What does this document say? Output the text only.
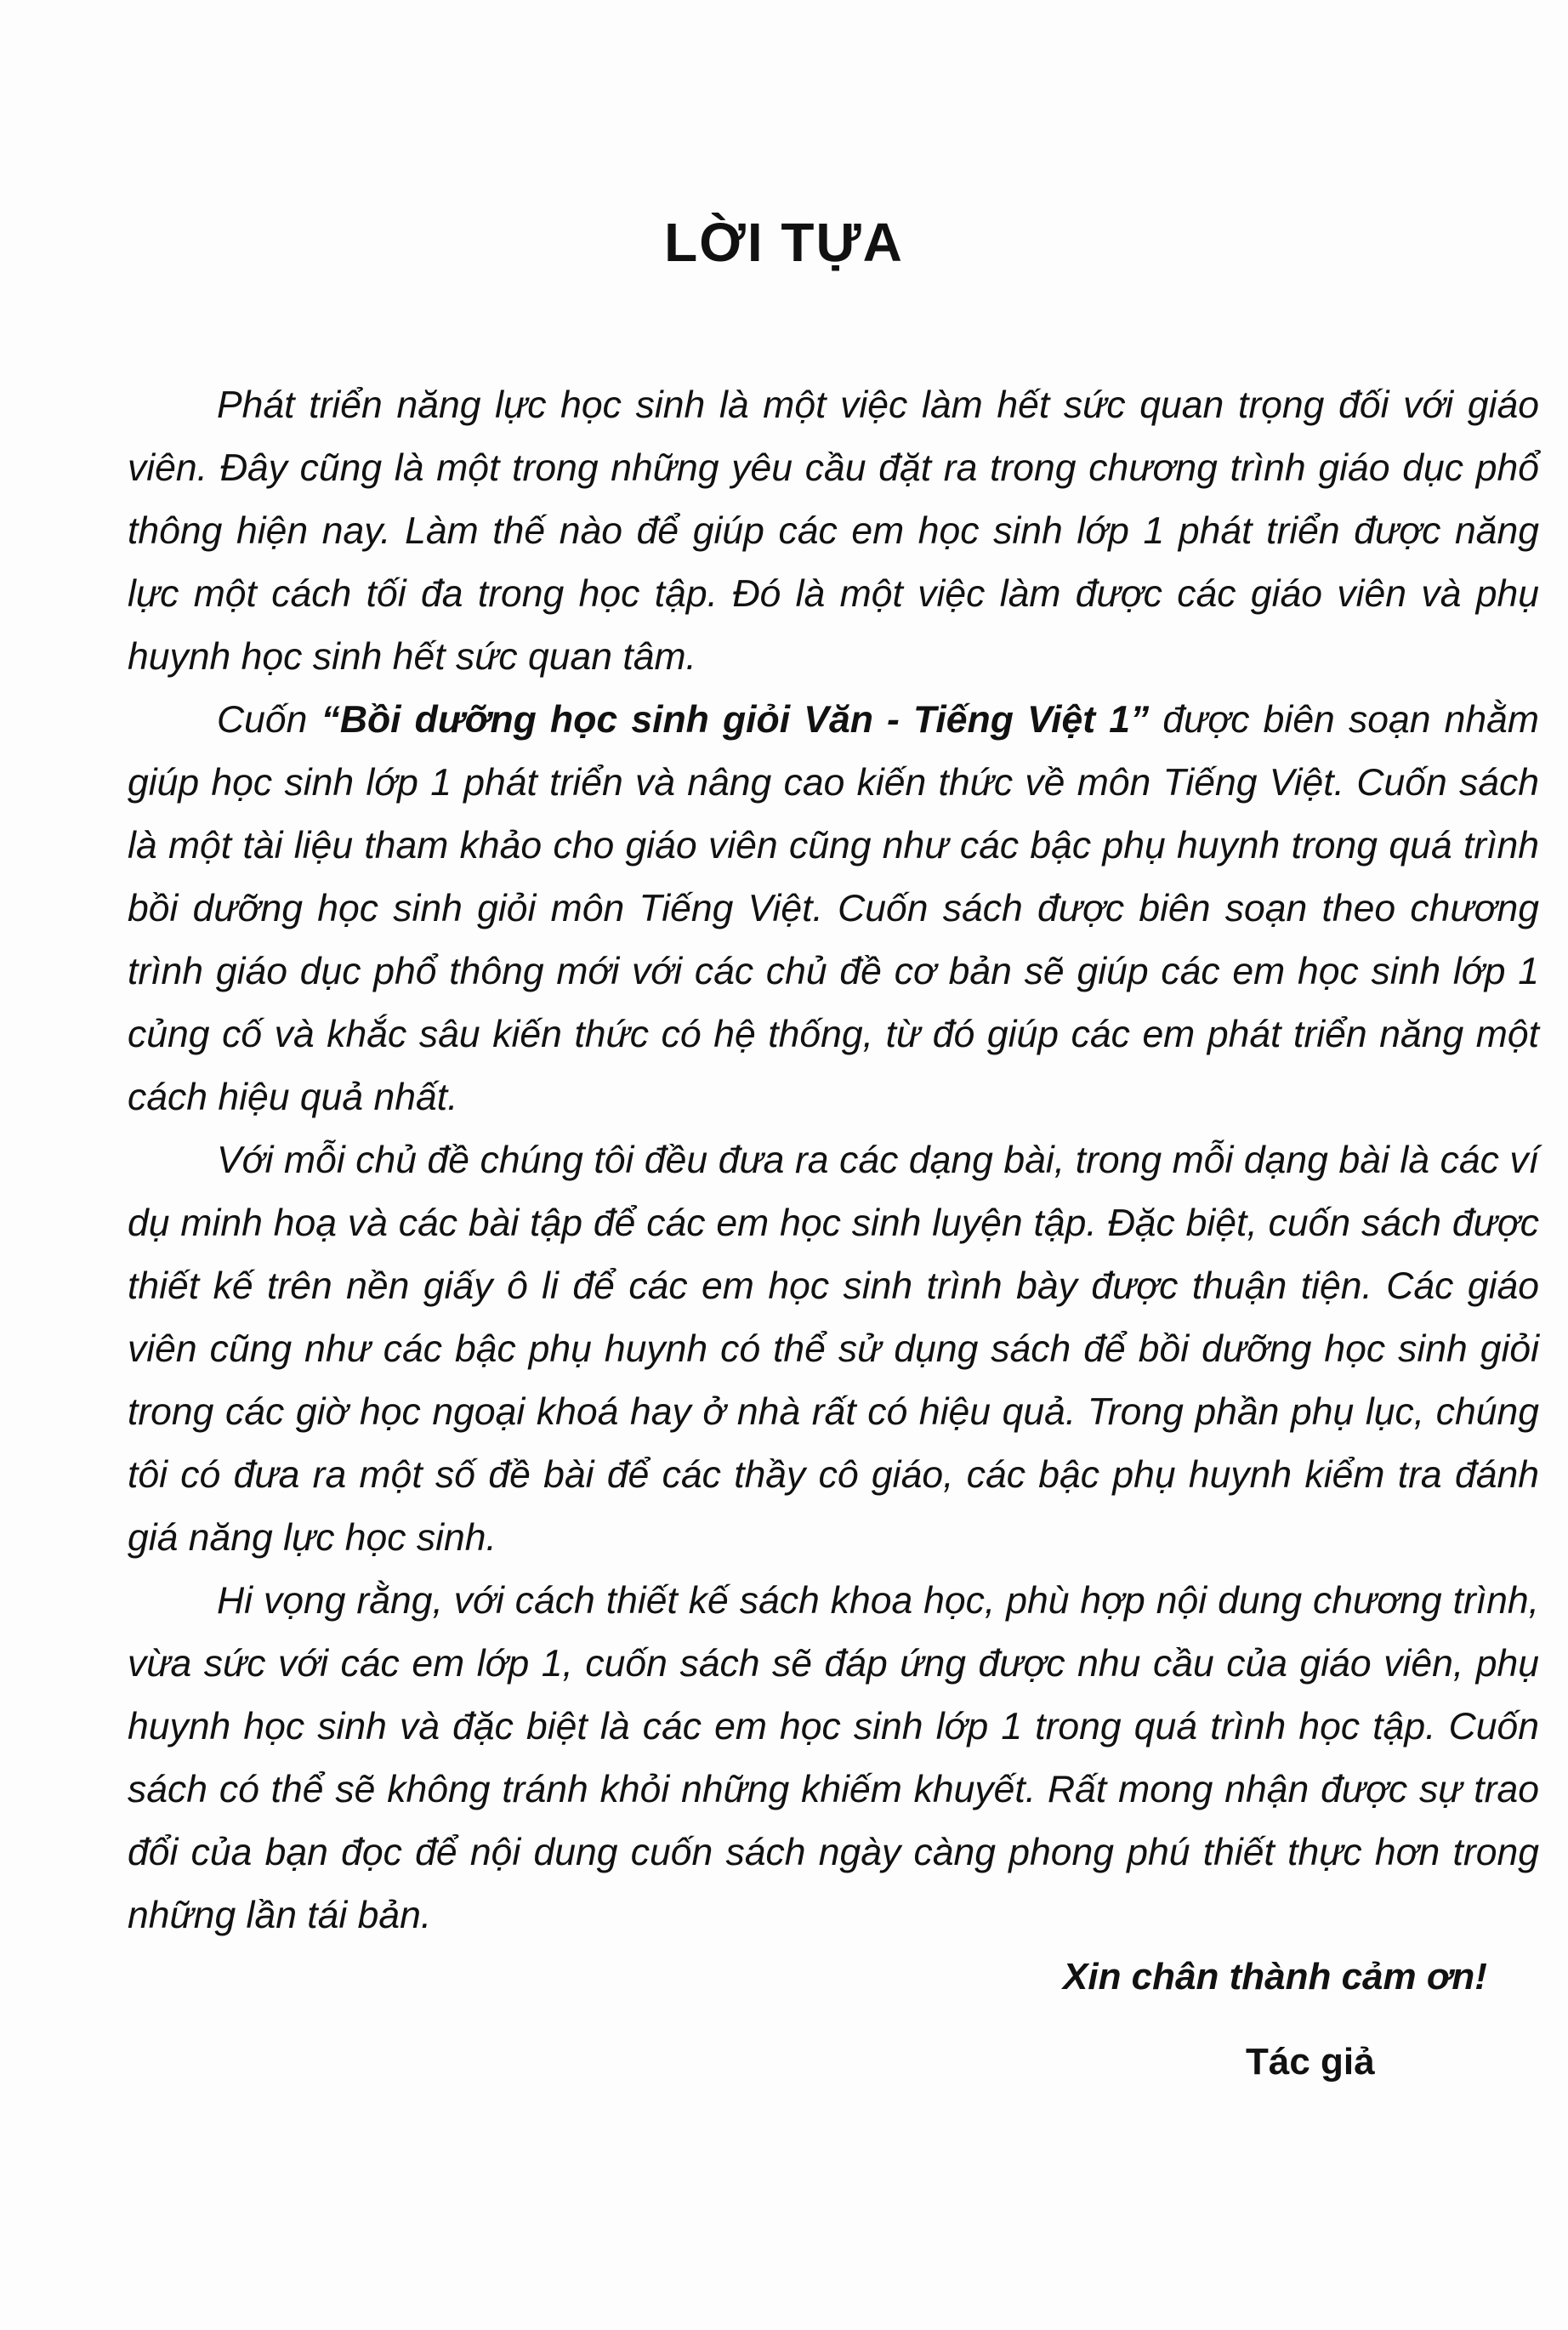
LỜI TỰA

Phát triển năng lực học sinh là một việc làm hết sức quan trọng đối với giáo viên. Đây cũng là một trong những yêu cầu đặt ra trong chương trình giáo dục phổ thông hiện nay. Làm thế nào để giúp các em học sinh lớp 1 phát triển được năng lực một cách tối đa trong học tập. Đó là một việc làm được các giáo viên và phụ huynh học sinh hết sức quan tâm.

Cuốn “Bồi dưỡng học sinh giỏi Văn - Tiếng Việt 1” được biên soạn nhằm giúp học sinh lớp 1 phát triển và nâng cao kiến thức về môn Tiếng Việt. Cuốn sách là một tài liệu tham khảo cho giáo viên cũng như các bậc phụ huynh trong quá trình bồi dưỡng học sinh giỏi môn Tiếng Việt. Cuốn sách được biên soạn theo chương trình giáo dục phổ thông mới với các chủ đề cơ bản sẽ giúp các em học sinh lớp 1 củng cố và khắc sâu kiến thức có hệ thống, từ đó giúp các em phát triển năng một cách hiệu quả nhất.

Với mỗi chủ đề chúng tôi đều đưa ra các dạng bài, trong mỗi dạng bài là các ví dụ minh hoạ và các bài tập để các em học sinh luyện tập. Đặc biệt, cuốn sách được thiết kế trên nền giấy ô li để các em học sinh trình bày được thuận tiện. Các giáo viên cũng như các bậc phụ huynh có thể sử dụng sách để bồi dưỡng học sinh giỏi trong các giờ học ngoại khoá hay ở nhà rất có hiệu quả. Trong phần phụ lục, chúng tôi có đưa ra một số đề bài để các thầy cô giáo, các bậc phụ huynh kiểm tra đánh giá năng lực học sinh.

Hi vọng rằng, với cách thiết kế sách khoa học, phù hợp nội dung chương trình, vừa sức với các em lớp 1, cuốn sách sẽ đáp ứng được nhu cầu của giáo viên, phụ huynh học sinh và đặc biệt là các em học sinh lớp 1 trong quá trình học tập. Cuốn sách có thể sẽ không tránh khỏi những khiếm khuyết. Rất mong nhận được sự trao đổi của bạn đọc để nội dung cuốn sách ngày càng phong phú thiết thực hơn trong những lần tái bản.

Xin chân thành cảm ơn!
Tác giả
